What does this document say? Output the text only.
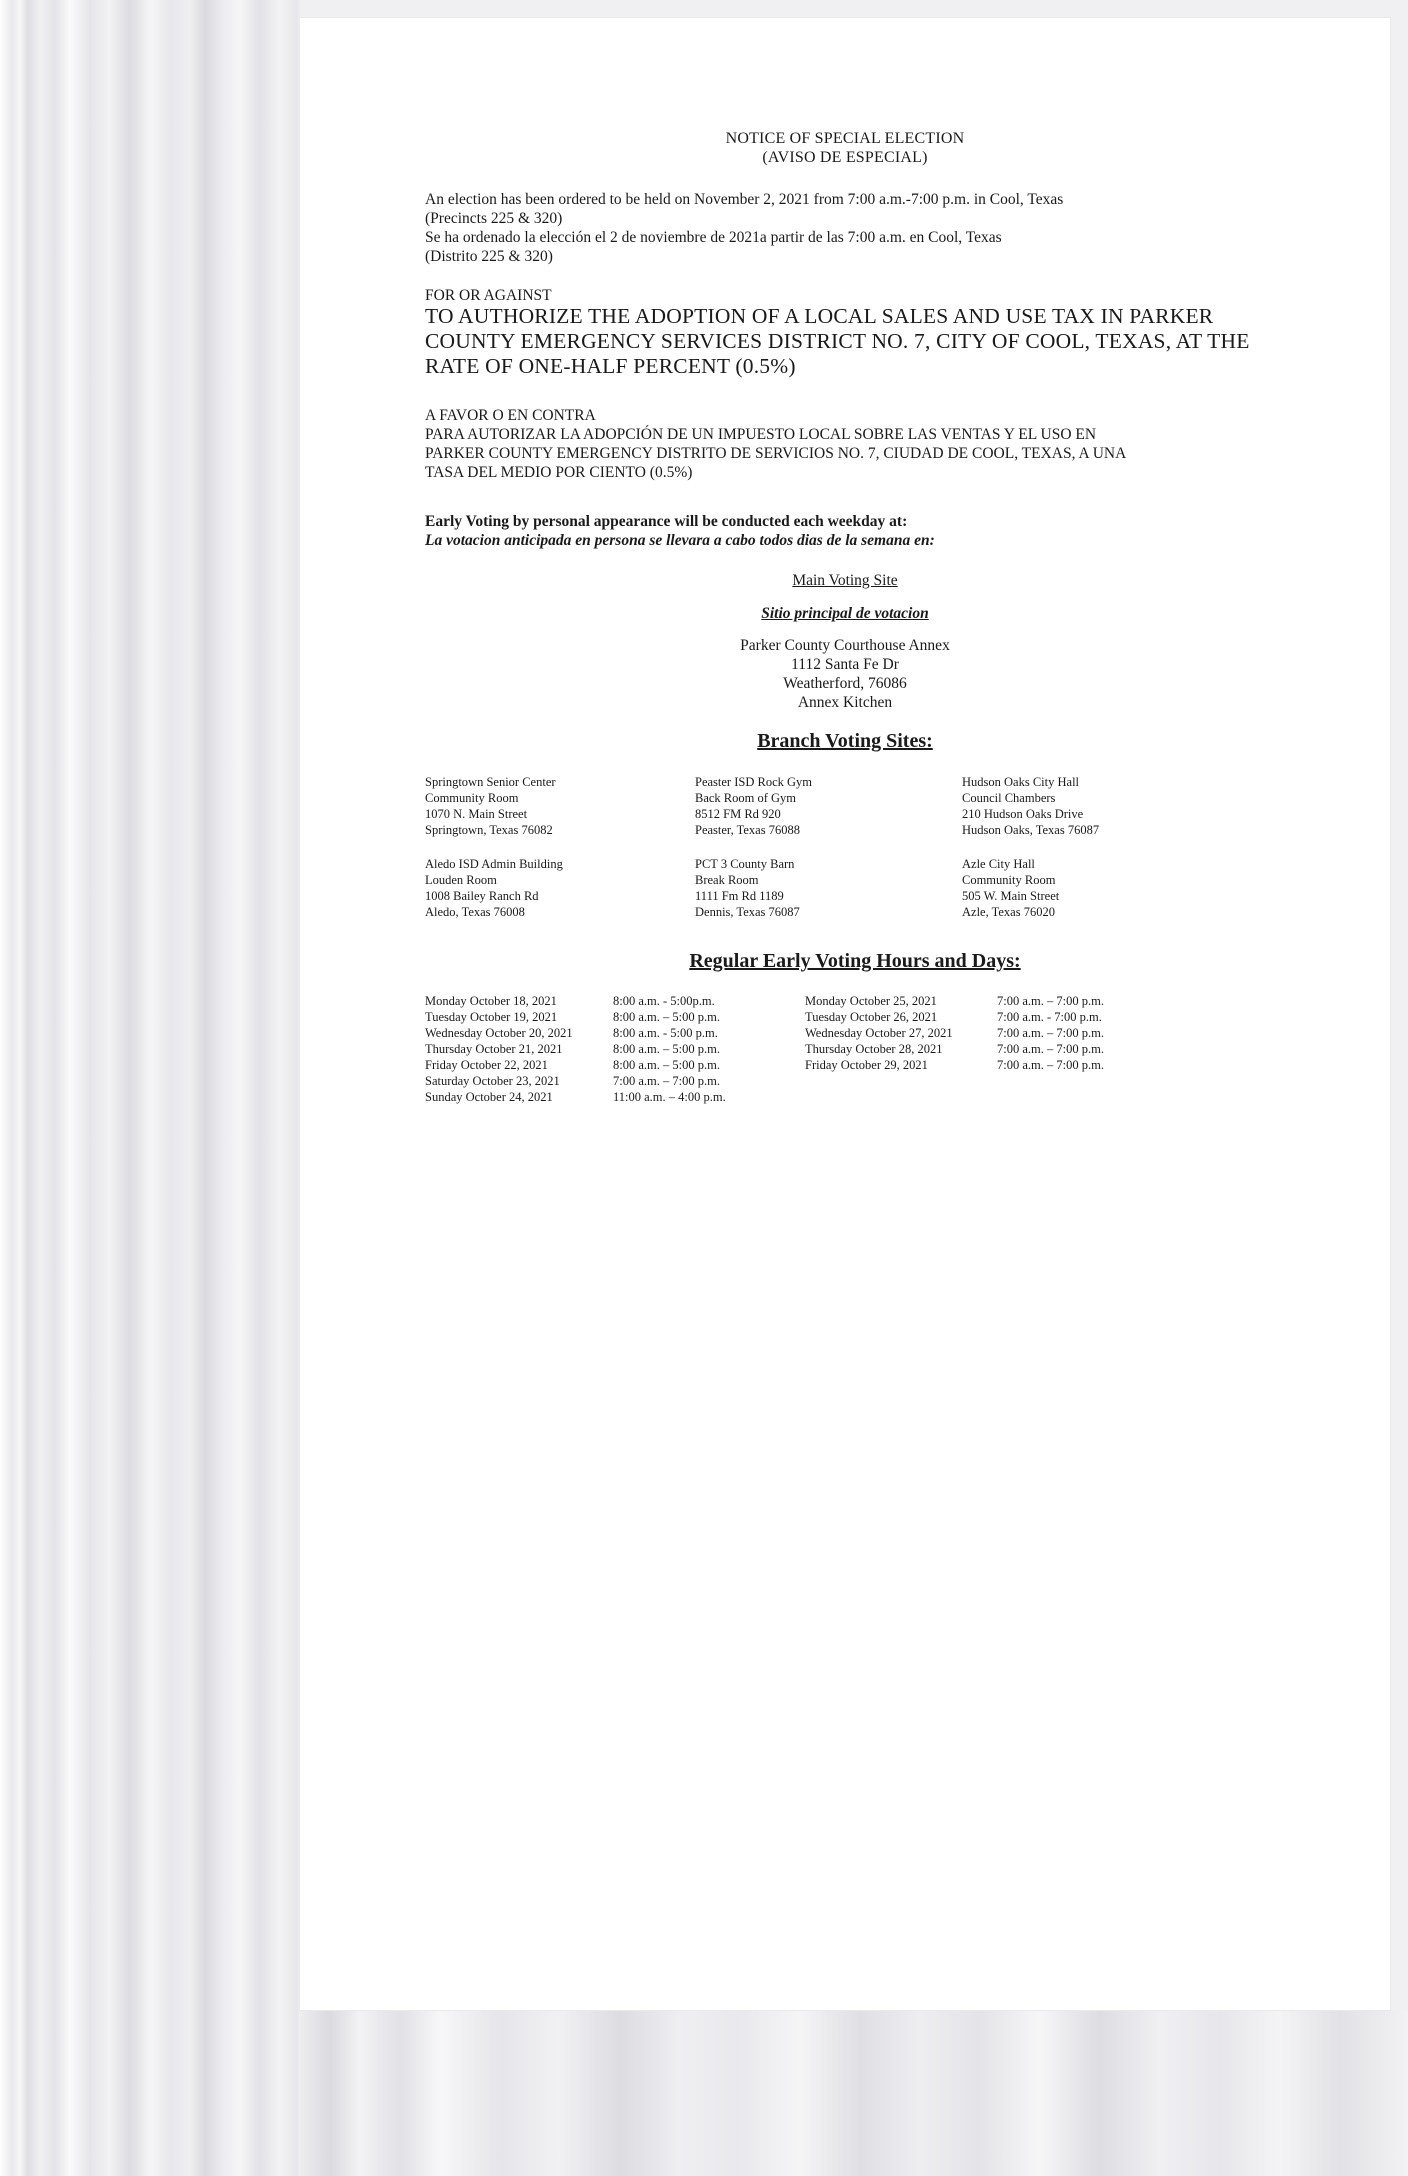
NOTICE OF SPECIAL ELECTION

(AVISO DE ESPECIAL)

An election has been ordered to be held on November 2, 2021 from 7:00 a.m.-7:00 p.m. in Cool, Texas

(Precincts 225 & 320)

Se ha ordenado la elección el 2 de noviembre de 2021a partir de las 7:00 a.m. en Cool, Texas

(Distrito 225 & 320)

FOR OR AGAINST

TO AUTHORIZE THE ADOPTION OF A LOCAL SALES AND USE TAX IN PARKER

COUNTY EMERGENCY SERVICES DISTRICT NO. 7, CITY OF COOL, TEXAS, AT THE

RATE OF ONE-HALF PERCENT (0.5%)

A FAVOR O EN CONTRA

PARA AUTORIZAR LA ADOPCIÓN DE UN IMPUESTO LOCAL SOBRE LAS VENTAS Y EL USO EN

PARKER COUNTY EMERGENCY DISTRITO DE SERVICIOS NO. 7, CIUDAD DE COOL, TEXAS, A UNA

TASA DEL MEDIO POR CIENTO (0.5%)

Early Voting by personal appearance will be conducted each weekday at:

La votacion anticipada en persona se llevara a cabo todos dias de la semana en:

Main Voting Site

Sitio principal de votacion

Parker County Courthouse Annex

1112 Santa Fe Dr

Weatherford, 76086

Annex Kitchen

Branch Voting Sites:

Springtown Senior Center
Community Room
1070 N. Main Street
Springtown, Texas 76082
Peaster ISD Rock Gym
Back Room of Gym
8512 FM Rd 920
Peaster, Texas 76088
Hudson Oaks City Hall
Council Chambers
210 Hudson Oaks Drive
Hudson Oaks, Texas 76087
Aledo ISD Admin Building
Louden Room
1008 Bailey Ranch Rd
Aledo, Texas 76008
PCT 3 County Barn
Break Room
1111 Fm Rd 1189
Dennis, Texas 76087
Azle City Hall
Community Room
505 W. Main Street
Azle, Texas 76020

Regular Early Voting Hours and Days:

Monday October 18, 2021
Tuesday October 19, 2021
Wednesday October 20, 2021
Thursday October 21, 2021
Friday October 22, 2021
Saturday October 23, 2021
Sunday October 24, 2021
8:00 a.m. - 5:00p.m.
8:00 a.m. – 5:00 p.m.
8:00 a.m. - 5:00 p.m.
8:00 a.m. – 5:00 p.m.
8:00 a.m. – 5:00 p.m.
7:00 a.m. – 7:00 p.m.
11:00 a.m. – 4:00 p.m.
Monday October 25, 2021
Tuesday October 26, 2021
Wednesday October 27, 2021
Thursday October 28, 2021
Friday October 29, 2021
7:00 a.m. – 7:00 p.m.
7:00 a.m. - 7:00 p.m.
7:00 a.m. – 7:00 p.m.
7:00 a.m. – 7:00 p.m.
7:00 a.m. – 7:00 p.m.
